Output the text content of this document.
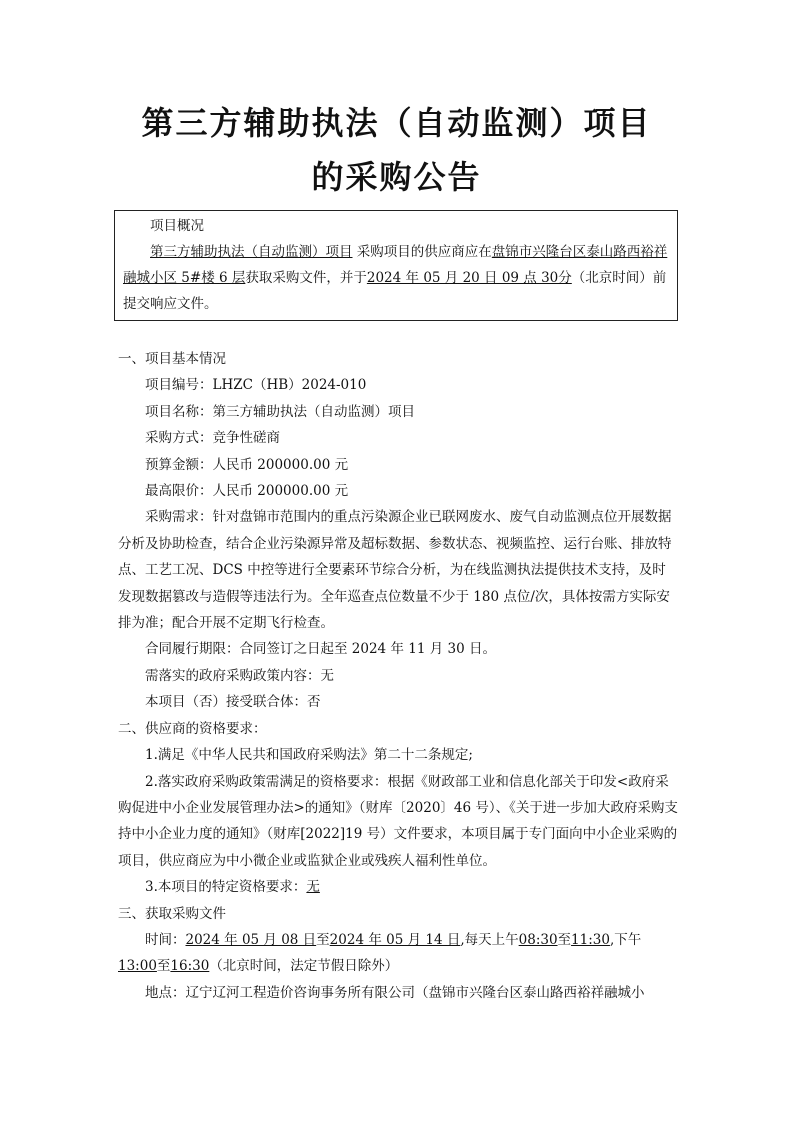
第三方辅助执法（自动监测）项目
的采购公告

项目概况

第三方辅助执法（自动监测）项目 采购项目的供应商应在盘锦市兴隆台区泰山路西裕祥融城小区 5#楼 6 层获取采购文件，并于2024 年 05 月 20 日 09 点 30分（北京时间）前提交响应文件。

一、项目基本情况

项目编号：LHZC（HB）2024-010

项目名称：第三方辅助执法（自动监测）项目

采购方式：竞争性磋商

预算金额：人民币 200000.00 元

最高限价：人民币 200000.00 元

采购需求：针对盘锦市范围内的重点污染源企业已联网废水、废气自动监测点位开展数据分析及协助检查，结合企业污染源异常及超标数据、参数状态、视频监控、运行台账、排放特点、工艺工况、DCS 中控等进行全要素环节综合分析，为在线监测执法提供技术支持，及时发现数据篡改与造假等违法行为。全年巡查点位数量不少于 180 点位/次，具体按需方实际安排为准；配合开展不定期飞行检查。

合同履行期限：合同签订之日起至 2024 年 11 月 30 日。

需落实的政府采购政策内容：无

本项目（否）接受联合体：否

二、供应商的资格要求：

1.满足《中华人民共和国政府采购法》第二十二条规定;

2.落实政府采购政策需满足的资格要求：根据《财政部工业和信息化部关于印发<政府采购促进中小企业发展管理办法>的通知》（财库〔2020〕46 号）、《关于进一步加大政府采购支持中小企业力度的通知》（财库[2022]19 号）文件要求，本项目属于专门面向中小企业采购的项目，供应商应为中小微企业或监狱企业或残疾人福利性单位。

3.本项目的特定资格要求：无

三、获取采购文件

时间：2024 年 05 月 08 日至2024 年 05 月 14 日,每天上午08:30至11:30,下午13:00至16:30（北京时间，法定节假日除外）

地点：辽宁辽河工程造价咨询事务所有限公司（盘锦市兴隆台区泰山路西裕祥融城小
